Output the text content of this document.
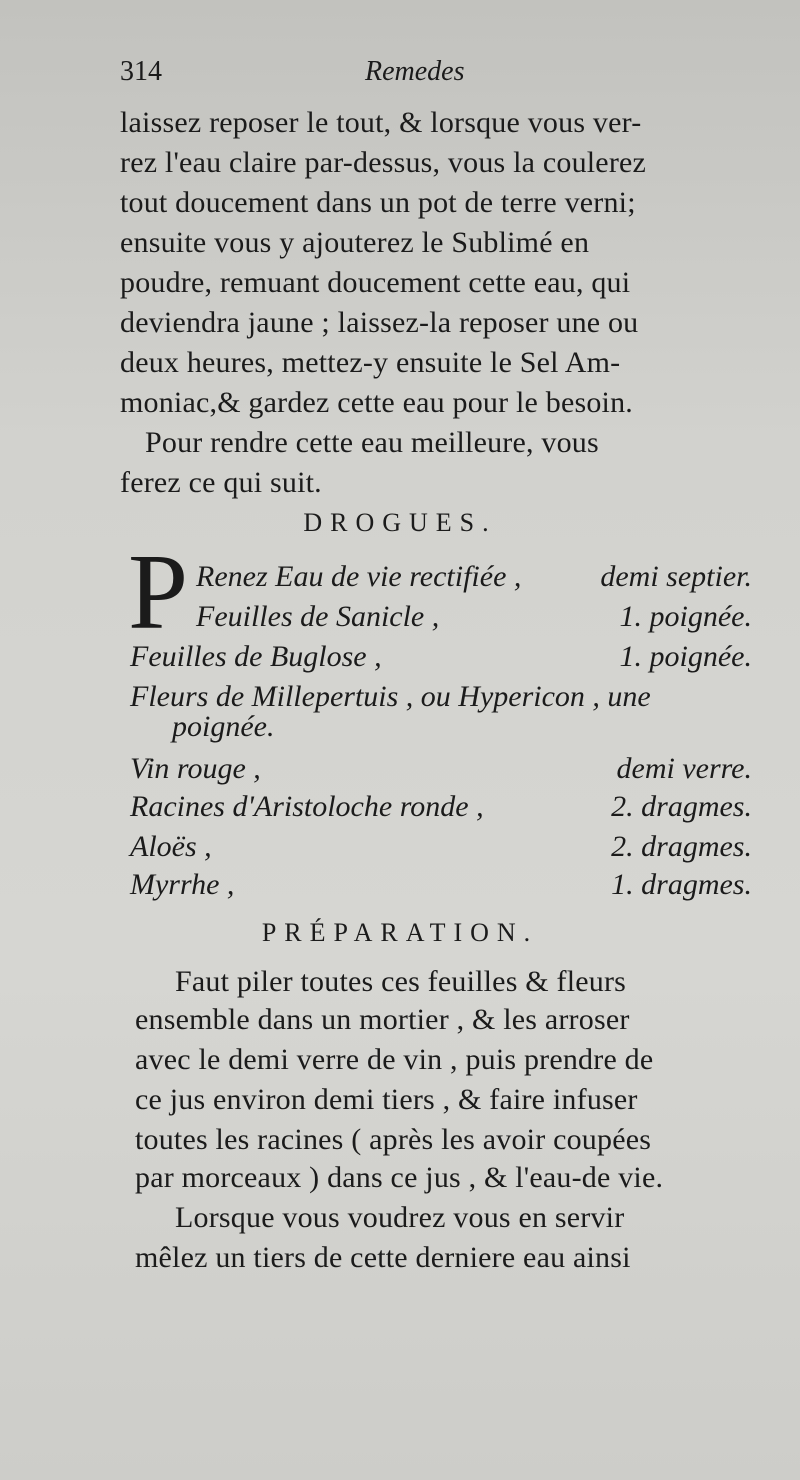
314	Remedes
laissez reposer le tout, & lorsque vous ver-
rez l'eau claire par-dessus, vous la coulerez
tout doucement dans un pot de terre verni;
ensuite vous y ajouterez le Sublimé en
poudre, remuant doucement cette eau, qui
deviendra jaune ; laissez-la reposer une ou
deux heures, mettez-y ensuite le Sel Am-
moniac,& gardez cette eau pour le besoin.
Pour rendre cette eau meilleure, vous
ferez ce qui suit.
DROGUES.
P Renez Eau de vie rectifiée ,	demi septier.
Feuilles de Sanicle ,	1. poignée.
Feuilles de Buglose ,	1. poignée.
Fleurs de Millepertuis , ou Hypericon , une
poignée.
Vin rouge ,	demi verre.
Racines d'Aristoloche ronde ,	2. dragmes.
Aloës ,	2. dragmes.
Myrrhe ,	1. dragmes.
PRÉPARATION.
Faut piler toutes ces feuilles & fleurs
ensemble dans un mortier , & les arroser
avec le demi verre de vin , puis prendre de
ce jus environ demi tiers , & faire infuser
toutes les racines ( après les avoir coupées
par morceaux ) dans ce jus , & l'eau-de vie.
Lorsque vous voudrez vous en servir
mêlez un tiers de cette derniere eau ainsi
